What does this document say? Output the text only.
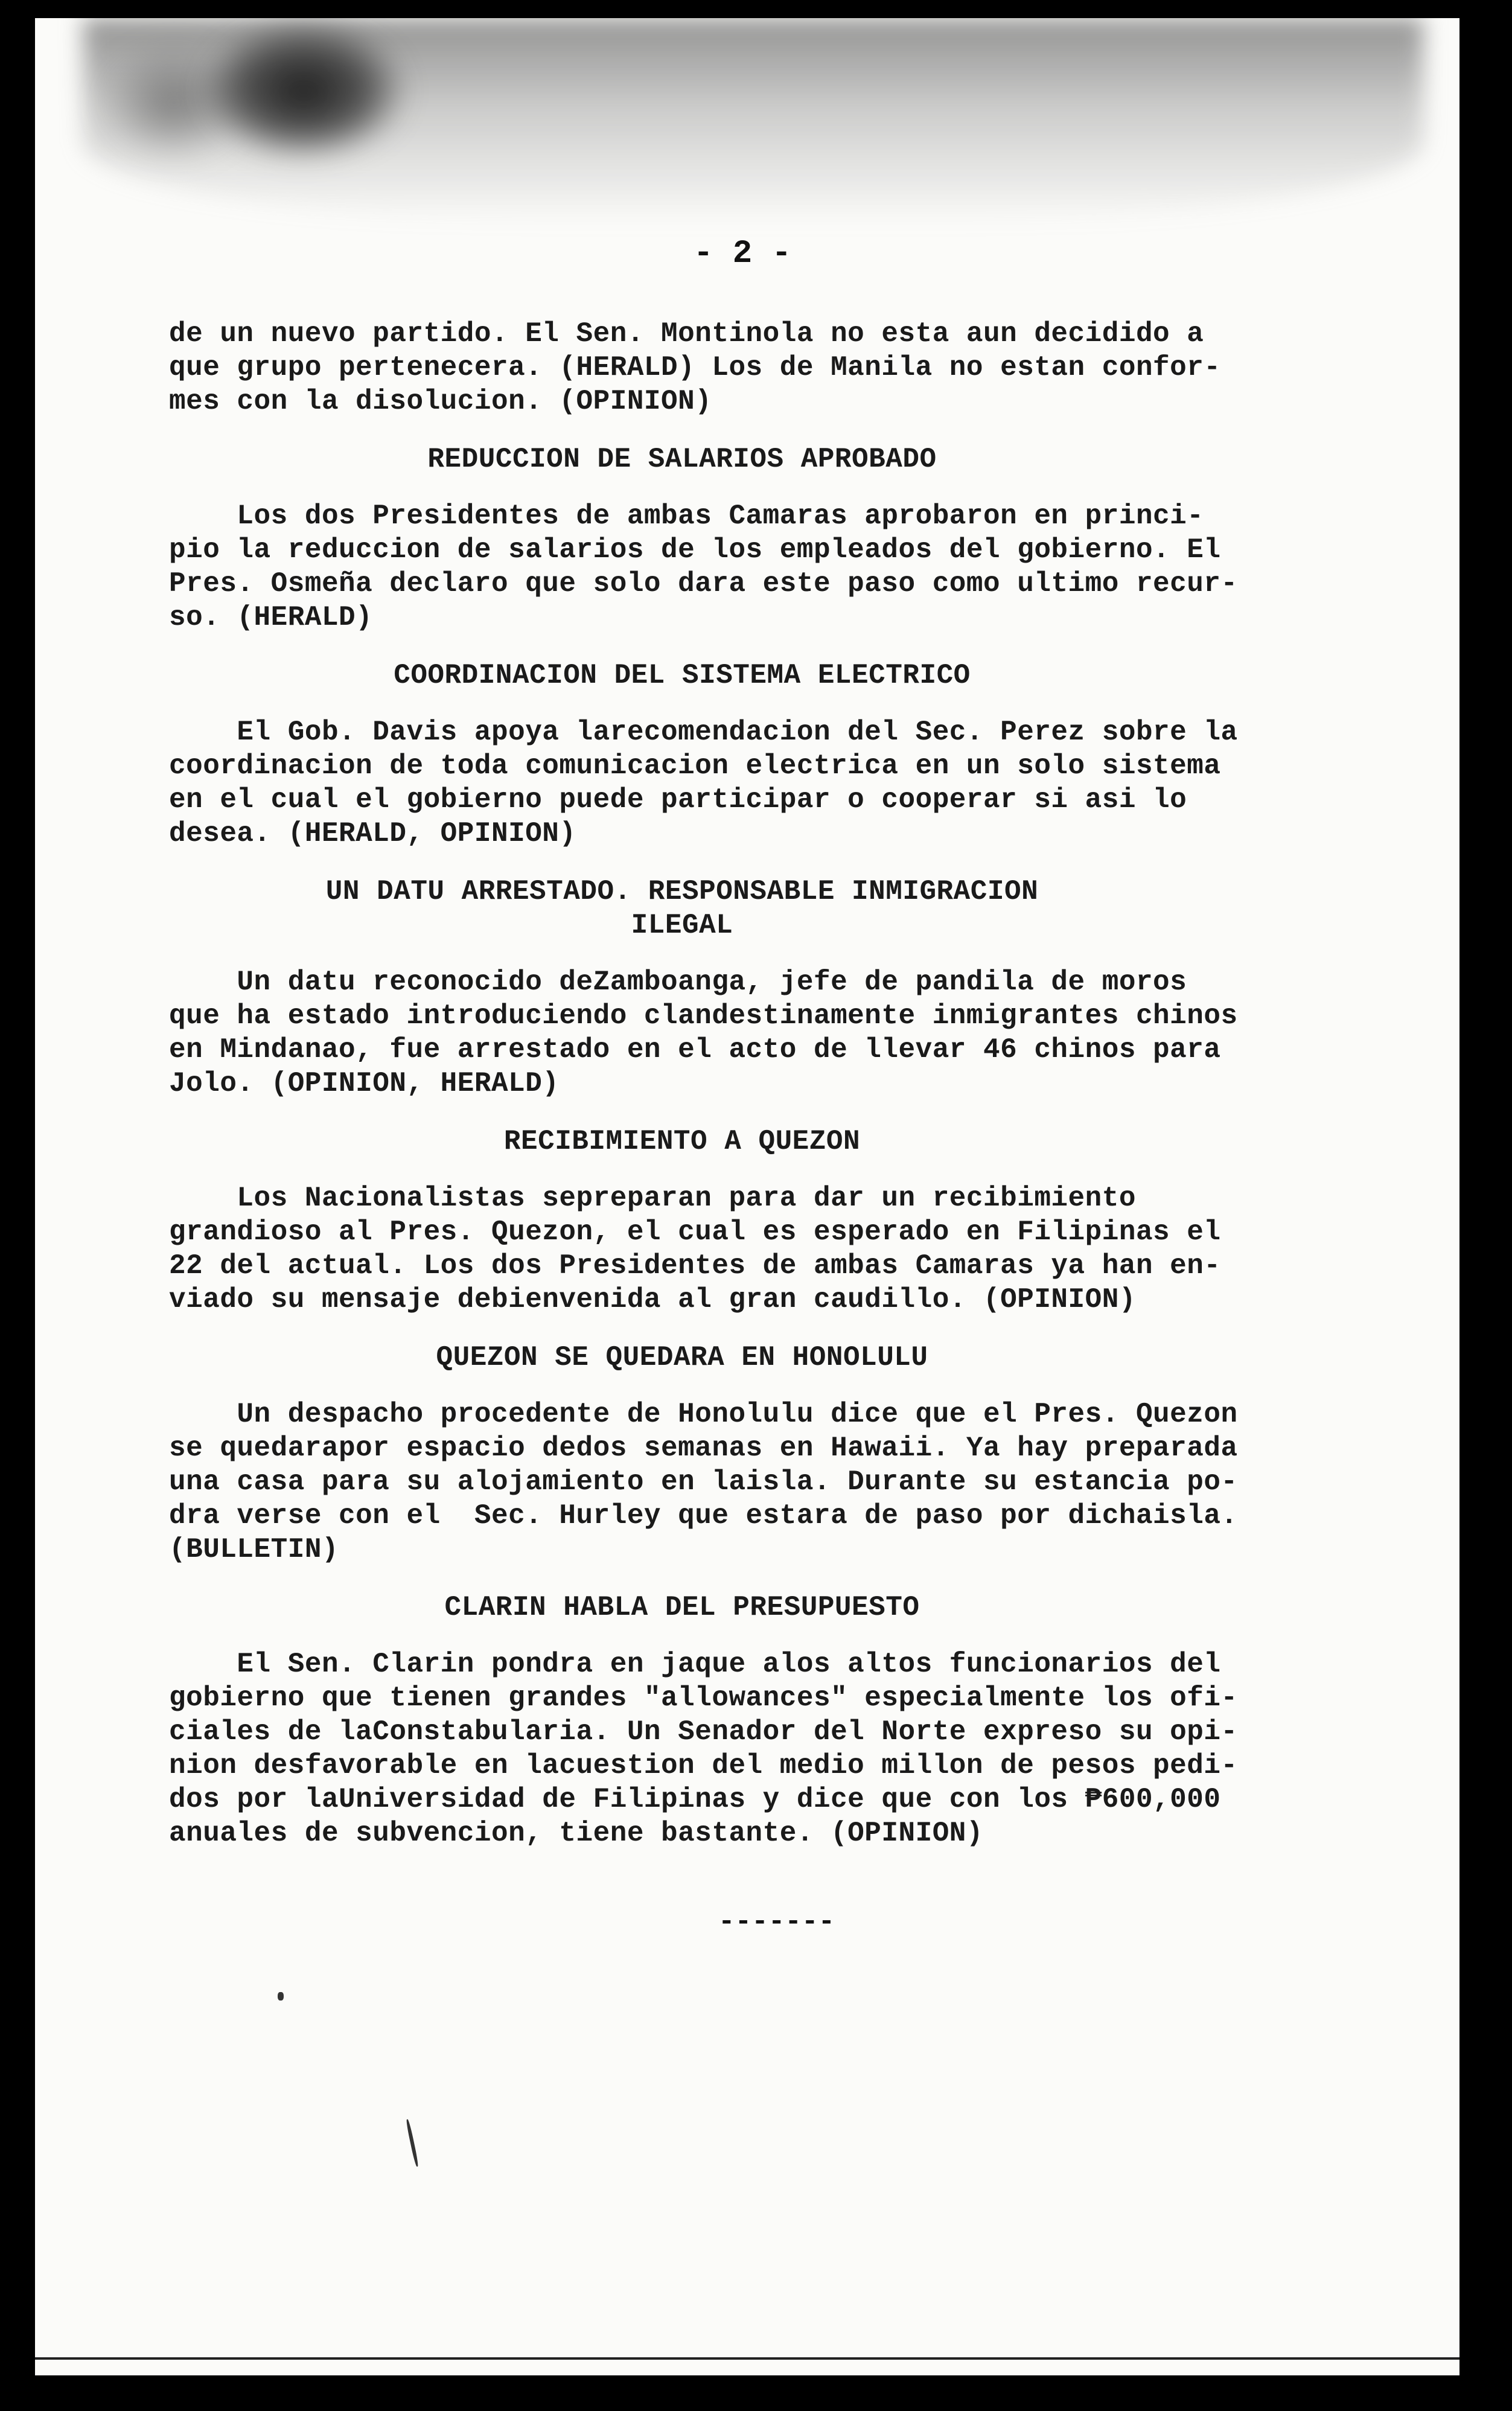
- 2 -

de un nuevo partido. El Sen. Montinola no esta aun decidido a

que grupo pertenecera. (HERALD) Los de Manila no estan confor-

mes con la disolucion. (OPINION)

REDUCCION DE SALARIOS APROBADO

Los dos Presidentes de ambas Camaras aprobaron en princi-

pio la reduccion de salarios de los empleados del gobierno. El

Pres. Osmeña declaro que solo dara este paso como ultimo recur-

so. (HERALD)

COORDINACION DEL SISTEMA ELECTRICO

El Gob. Davis apoya larecomendacion del Sec. Perez sobre la

coordinacion de toda comunicacion electrica en un solo sistema

en el cual el gobierno puede participar o cooperar si asi lo

desea. (HERALD, OPINION)

UN DATU ARRESTADO. RESPONSABLE INMIGRACION
ILEGAL

Un datu reconocido deZamboanga, jefe de pandila de moros

que ha estado introduciendo clandestinamente inmigrantes chinos

en Mindanao, fue arrestado en el acto de llevar 46 chinos para

Jolo. (OPINION, HERALD)

RECIBIMIENTO A QUEZON

Los Nacionalistas sepreparan para dar un recibimiento

grandioso al Pres. Quezon, el cual es esperado en Filipinas el

22 del actual. Los dos Presidentes de ambas Camaras ya han en-

viado su mensaje debienvenida al gran caudillo. (OPINION)

QUEZON SE QUEDARA EN HONOLULU

Un despacho procedente de Honolulu dice que el Pres. Quezon

se quedarapor espacio dedos semanas en Hawaii. Ya hay preparada

una casa para su alojamiento en laisla. Durante su estancia po-

dra verse con el  Sec. Hurley que estara de paso por dichaisla.

(BULLETIN)

CLARIN HABLA DEL PRESUPUESTO

El Sen. Clarin pondra en jaque alos altos funcionarios del

gobierno que tienen grandes "allowances" especialmente los ofi-

ciales de laConstabularia. Un Senador del Norte expreso su opi-

nion desfavorable en lacuestion del medio millon de pesos pedi-

dos por laUniversidad de Filipinas y dice que con los ₱600,000

anuales de subvencion, tiene bastante. (OPINION)

-------
